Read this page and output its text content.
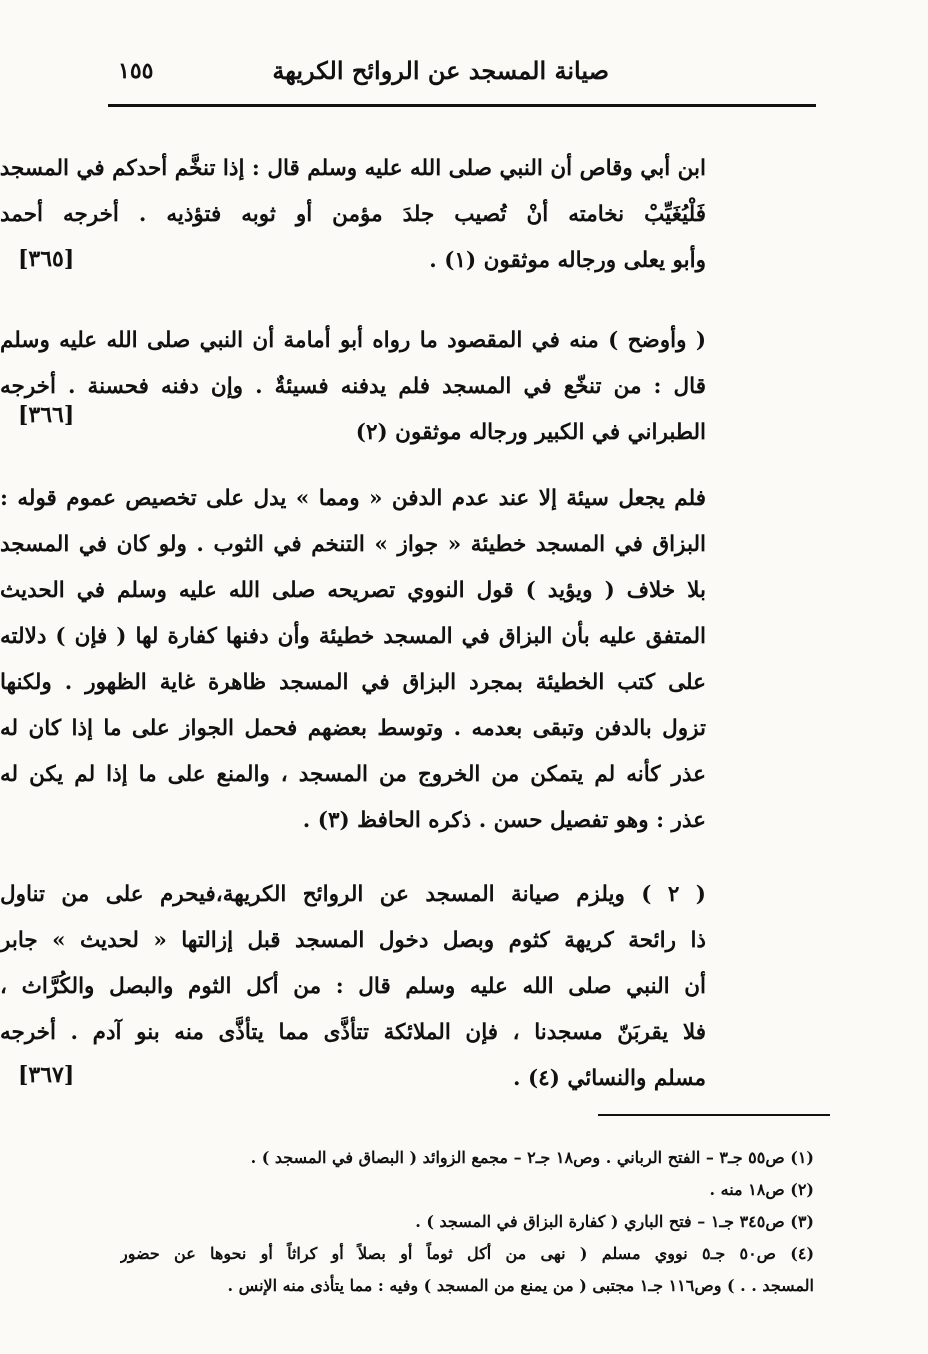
صيانة المسجد عن الروائح الكريهة
١٥٥
ابن أبي وقاص أن النبي صلى الله عليه وسلم قال : إذا تنخَّم أحدكم في المسجد
فَلْيُغَيِّبْ نخامته أنْ تُصيب جلدَ مؤمن أو ثوبه فتؤذيه . أخرجه أحمد
وأبو يعلى ورجاله موثقون (١) .
[٣٦٥]
( وأوضح ) منه في المقصود ما رواه أبو أمامة أن النبي صلى الله عليه وسلم
قال : من تنخّع في المسجد فلم يدفنه فسيئةٌ . وإن دفنه فحسنة . أخرجه
الطبراني في الكبير ورجاله موثقون (٢)
[٣٦٦]
فلم يجعل سيئة إلا عند عدم الدفن « ومما » يدل على تخصيص عموم قوله :
البزاق في المسجد خطيئة « جواز » التنخم في الثوب . ولو كان في المسجد
بلا خلاف ( ويؤيد ) قول النووي تصريحه صلى الله عليه وسلم في الحديث
المتفق عليه بأن البزاق في المسجد خطيئة وأن دفنها كفارة لها ( فإن ) دلالته
على كتب الخطيئة بمجرد البزاق في المسجد ظاهرة غاية الظهور . ولكنها
تزول بالدفن وتبقى بعدمه . وتوسط بعضهم فحمل الجواز على ما إذا كان له
عذر كأنه لم يتمكن من الخروج من المسجد ، والمنع على ما إذا لم يكن له
عذر : وهو تفصيل حسن . ذكره الحافظ (٣) .
( ٢ ) ويلزم صيانة المسجد عن الروائح الكريهة،فيحرم على من تناول
ذا رائحة كريهة كثوم وبصل دخول المسجد قبل إزالتها « لحديث » جابر
أن النبي صلى الله عليه وسلم قال : من أكل الثوم والبصل والكُرَّاث ،
فلا يقربَنّ مسجدنا ، فإن الملائكة تتأذَّى مما يتأذَّى منه بنو آدم . أخرجه
مسلم والنسائي (٤) .
[٣٦٧]
(١) ص٥٥ جـ٣ – الفتح الرباني . وص١٨ جـ٢ – مجمع الزوائد ( البصاق في المسجد ) .
(٢) ص١٨ منه .
(٣) ص٣٤٥ جـ١ – فتح الباري ( كفارة البزاق في المسجد ) .
(٤) ص٥٠ جـ٥ نووي مسلم ( نهى من أكل ثوماً أو بصلاً أو كراثاً أو نحوها عن حضور
المسجد . . ) وص١١٦ جـ١ مجتبى ( من يمنع من المسجد ) وفيه : مما يتأذى منه الإنس .
